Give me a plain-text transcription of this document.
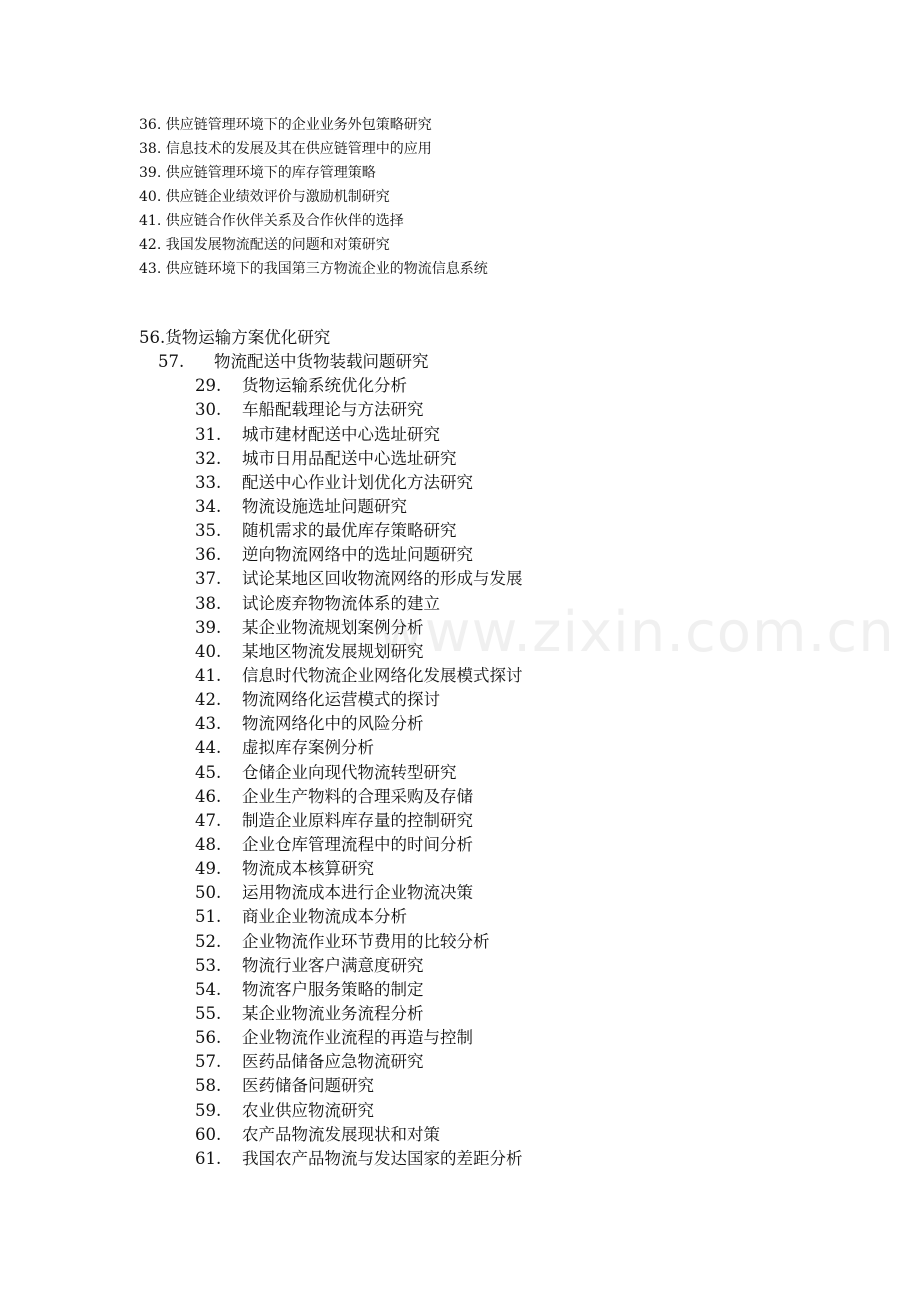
www.zixin.com.cn
36. 供应链管理环境下的企业业务外包策略研究
38. 信息技术的发展及其在供应链管理中的应用
39. 供应链管理环境下的库存管理策略
40. 供应链企业绩效评价与激励机制研究
41. 供应链合作伙伴关系及合作伙伴的选择
42. 我国发展物流配送的问题和对策研究
43. 供应链环境下的我国第三方物流企业的物流信息系统
56. 货物运输方案优化研究
57.	物流配送中货物装载问题研究
29.	货物运输系统优化分析
30.	车船配载理论与方法研究
31.	城市建材配送中心选址研究
32.	城市日用品配送中心选址研究
33.	配送中心作业计划优化方法研究
34.	物流设施选址问题研究
35.	随机需求的最优库存策略研究
36.	逆向物流网络中的选址问题研究
37.	试论某地区回收物流网络的形成与发展
38.	试论废弃物物流体系的建立
39.	某企业物流规划案例分析
40.	某地区物流发展规划研究
41.	信息时代物流企业网络化发展模式探讨
42.	物流网络化运营模式的探讨
43.	物流网络化中的风险分析
44.	虚拟库存案例分析
45.	仓储企业向现代物流转型研究
46.	企业生产物料的合理采购及存储
47.	制造企业原料库存量的控制研究
48.	企业仓库管理流程中的时间分析
49.	物流成本核算研究
50.	运用物流成本进行企业物流决策
51.	商业企业物流成本分析
52.	企业物流作业环节费用的比较分析
53.	物流行业客户满意度研究
54.	物流客户服务策略的制定
55.	某企业物流业务流程分析
56.	企业物流作业流程的再造与控制
57.	医药品储备应急物流研究
58.	医药储备问题研究
59.	农业供应物流研究
60.	农产品物流发展现状和对策
61.	我国农产品物流与发达国家的差距分析
